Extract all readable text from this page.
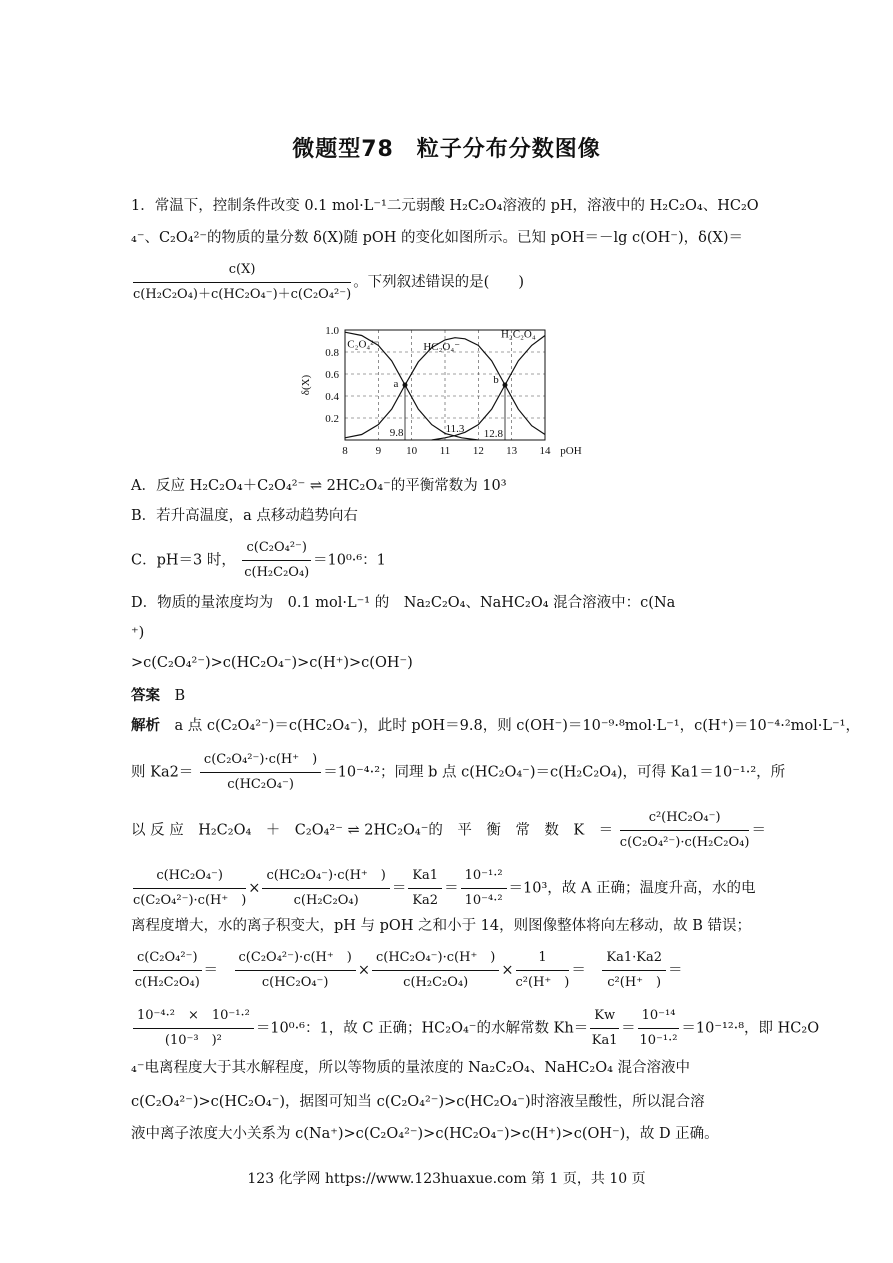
微题型78　粒子分布分数图像
1．常温下，控制条件改变 0.1 mol·L⁻¹二元弱酸 H₂C₂O₄溶液的 pH，溶液中的 H₂C₂O₄、HC₂O
₄⁻、C₂O₄²⁻的物质的量分数 δ(X)随 pOH 的变化如图所示。已知 pOH＝－lg c(OH⁻)，δ(X)＝
$\frac{c(X)}{\text{c(H₂C₂O₄)＋c(HC₂O₄⁻)＋c(C₂O₄²⁻)}}$ 。下列叙述错误的是(　　)
8	9 10 11 12 13 14 pOH
0.2
0.4
0.6
0.8
1.0
δ(X)
C₂O₄²⁻	HC₂O₄⁻
H₂C₂O₄
a	b
9.8	11.3 12.8
A．反应 H₂C₂O₄＋C₂O₄²⁻ ⇌ 2HC₂O₄⁻的平衡常数为 10³
B．若升高温度，a 点移动趋势向右
C．pH＝3 时， $\frac{\text{c(C₂O₄²⁻)}}{\text{c(H₂C₂O₄)}} =10^0\cdot^6$：1
D．物质的量浓度均为　0.1 mol·L⁻¹ 的　Na₂C₂O₄、NaHC₂O₄ 混合溶液中：c(Na
⁺)
>c(C₂O₄²⁻)>c(HC₂O₄⁻)>c(H⁺)>c(OH⁻)
答案　 B
解析　 a 点 c(C₂O₄²⁻)＝c(HC₂O₄⁻)，此时 pOH＝9.8，则 c(OH⁻)＝10⁻⁹·⁸mol·L⁻¹，c(H⁺)＝10⁻⁴·²mol·L⁻¹，
则 $Ka2= \frac{\text{c(C₂O₄²⁻)·c(H⁺　)}}{\text{c(HC₂O₄⁻)}} =10^{-4}\cdot^2$；同理 b 点 c(HC₂O₄⁻)＝c(H₂C₂O₄)，可得 Ka1＝10⁻¹·²，所
以 反 应　H₂C₂O₄　＋　C₂O₄²⁻ ⇌ 2HC₂O₄⁻的　平　衡　常　数　K　＝ $\frac{\text{c²(HC₂O₄⁻)}}{\text{c(C₂O₄²⁻)·c(H₂C₂O₄)}}$ ＝
$\frac{\text{c(HC₂O₄⁻)}}{\text{c(C₂O₄²⁻)·c(H⁺　)}} \times \frac{\text{c(HC₂O₄⁻)·c(H⁺　)}}{\text{c(H₂C₂O₄)}} = \frac{Ka1}{Ka2} = \frac{\text{10⁻¹·²}}{\text{10⁻⁴·²}} =10^3$，故 A 正确；温度升高，水的电
离程度增大，水的离子积变大，pH 与 pOH 之和小于 14，则图像整体将向左移动，故 B 错误；
$\frac{\text{c(C₂O₄²⁻)}}{\text{c(H₂C₂O₄)}}$ ＝　 $\frac{\text{c(C₂O₄²⁻)·c(H⁺　)}}{\text{c(HC₂O₄⁻)}} \times \frac{\text{c(HC₂O₄⁻)·c(H⁺　)}}{\text{c(H₂C₂O₄)}} \times \frac{1}{\text{c²(H⁺　)}}$ ＝　 $\frac{Ka1\cdot Ka2}{\text{c²(H⁺　)}}$ ＝
$\frac{\text{10⁻⁴·²　×　10⁻¹·²}}{\text{(10⁻³　)²}} =10^0\cdot^6$：1，故 C 正确；HC₂O₄⁻的水解常数 $Kh= \frac{Kw}{Ka1} = \frac{\text{10⁻¹⁴}}{\text{10⁻¹·²}} =10^{-12}\cdot^8$，即 HC₂O
₄⁻电离程度大于其水解程度，所以等物质的量浓度的 Na₂C₂O₄、NaHC₂O₄ 混合溶液中
c(C₂O₄²⁻)>c(HC₂O₄⁻)，据图可知当 c(C₂O₄²⁻)>c(HC₂O₄⁻)时溶液呈酸性，所以混合溶
液中离子浓度大小关系为 c(Na⁺)>c(C₂O₄²⁻)>c(HC₂O₄⁻)>c(H⁺)>c(OH⁻)，故 D 正确。
123 化学网 https://www.123huaxue.com 第 1 页，共 10 页
